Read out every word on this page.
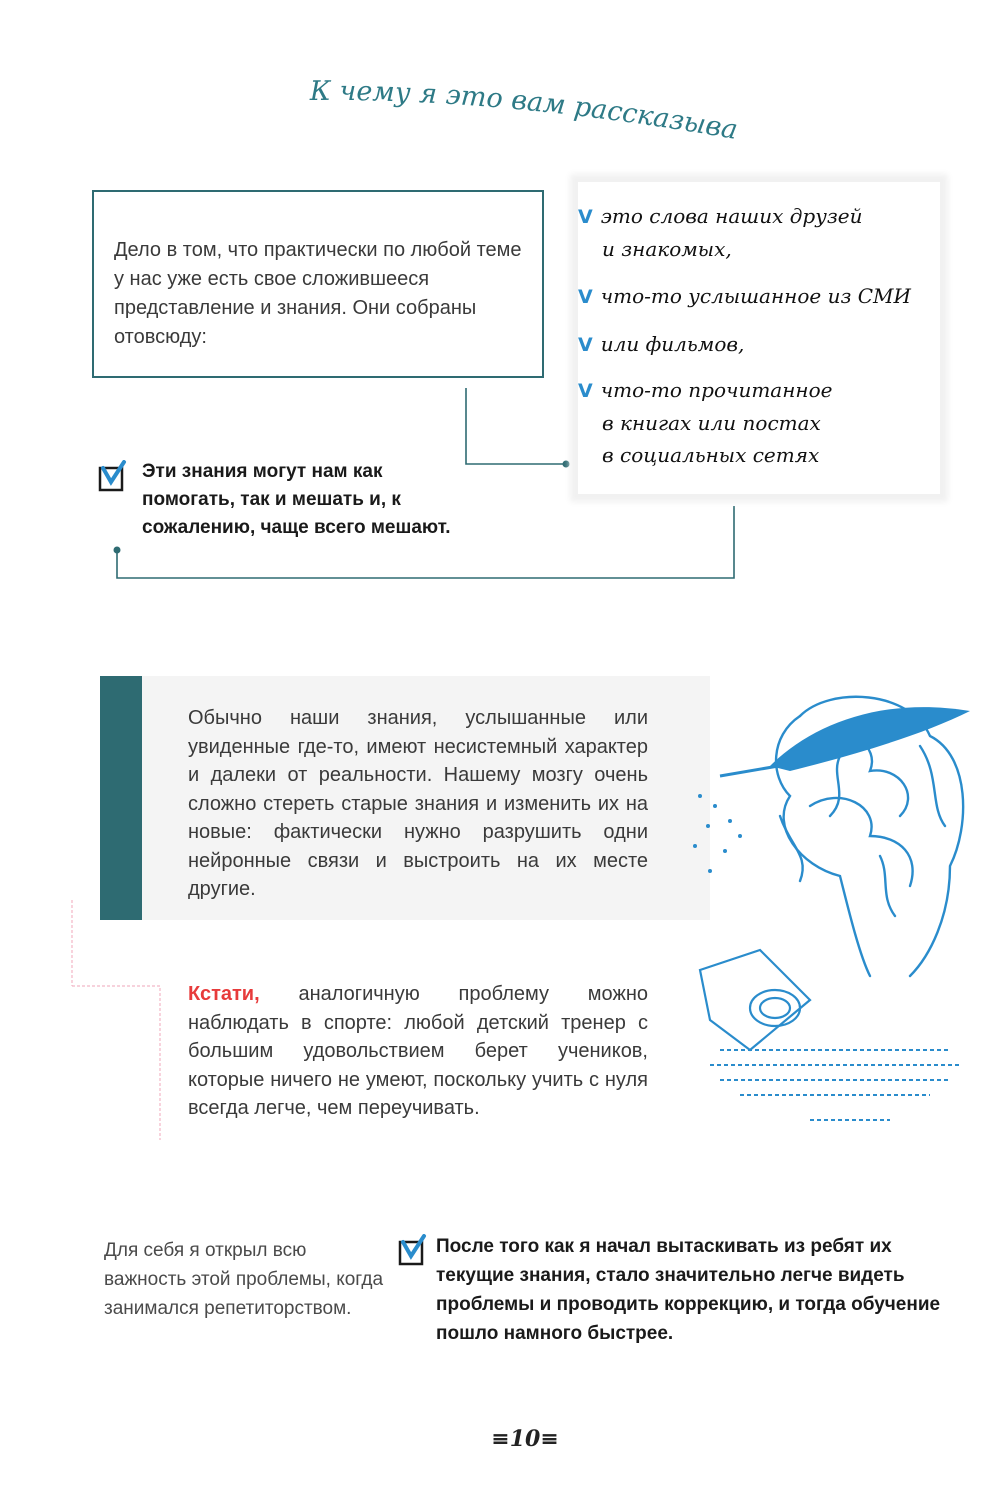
К чему я это вам рассказываю?

Дело в том, что практически по любой теме у нас уже есть свое сложившееся представление и знания. Они собраны отовсюду:

V это слова наших друзей
и знакомых,
V что-то услышанное из СМИ
V или фильмов,
V что-то прочитанное
в книгах или постах
в социальных сетях
Эти знания могут нам как помогать, так и мешать и, к сожалению, чаще всего мешают.
Обычно наши знания, услышанные или увиденные где-то, имеют несистемный характер и далеки от реальности. Нашему мозгу очень сложно стереть старые знания и изменить их на новые: фактически нужно разрушить одни нейронные связи и выстроить на их месте другие.
Кстати, аналогичную проблему можно наблюдать в спорте: любой детский тренер с большим удовольствием берет учеников, которые ничего не умеют, поскольку учить с нуля всегда легче, чем переучивать.
Для себя я открыл всю важность этой проблемы, когда занимался репетиторством.
После того как я начал вытаскивать из ребят их текущие знания, стало значительно легче видеть проблемы и проводить коррекцию, и тогда обучение пошло намного быстрее.
≡10≡
